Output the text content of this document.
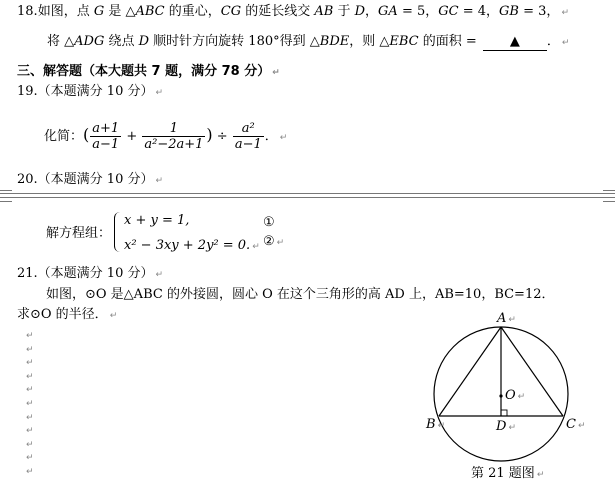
18.如图，点 G 是 △ABC 的重心，CG 的延长线交 AB 于 D，GA = 5，GC = 4，GB = 3， ↵
将 △ADG 绕点 D 顺时针方向旋转 180°得到 △BDE，则 △EBC 的面积 = ▲ ． ↵
三、解答题（本大题共 7 题，满分 78 分） ↵
19.（本题满分 10 分） ↵
化简：( $\frac{a+1}{a-1} + \frac{1}{\text{a²−2a+1}}$ ) ÷ $\frac{\text{a²}}{a-1}$ ． ↵
20.（本题满分 10 分） ↵
解方程组：
x + y = 1,
x² − 3xy + 2y² = 0. ↵
①
② ↵
21.（本题满分 10 分） ↵
如图，⊙O 是△ABC 的外接圆，圆心 O 在这个三角形的高 AD 上，AB=10，BC=12．
求⊙O 的半径． ↵
↵
↵
↵
↵
↵
↵
↵
↵
↵
↵
↵
A ↵
O ↵
B ↵	D ↵	C ↵
第 21 题图 ↵
